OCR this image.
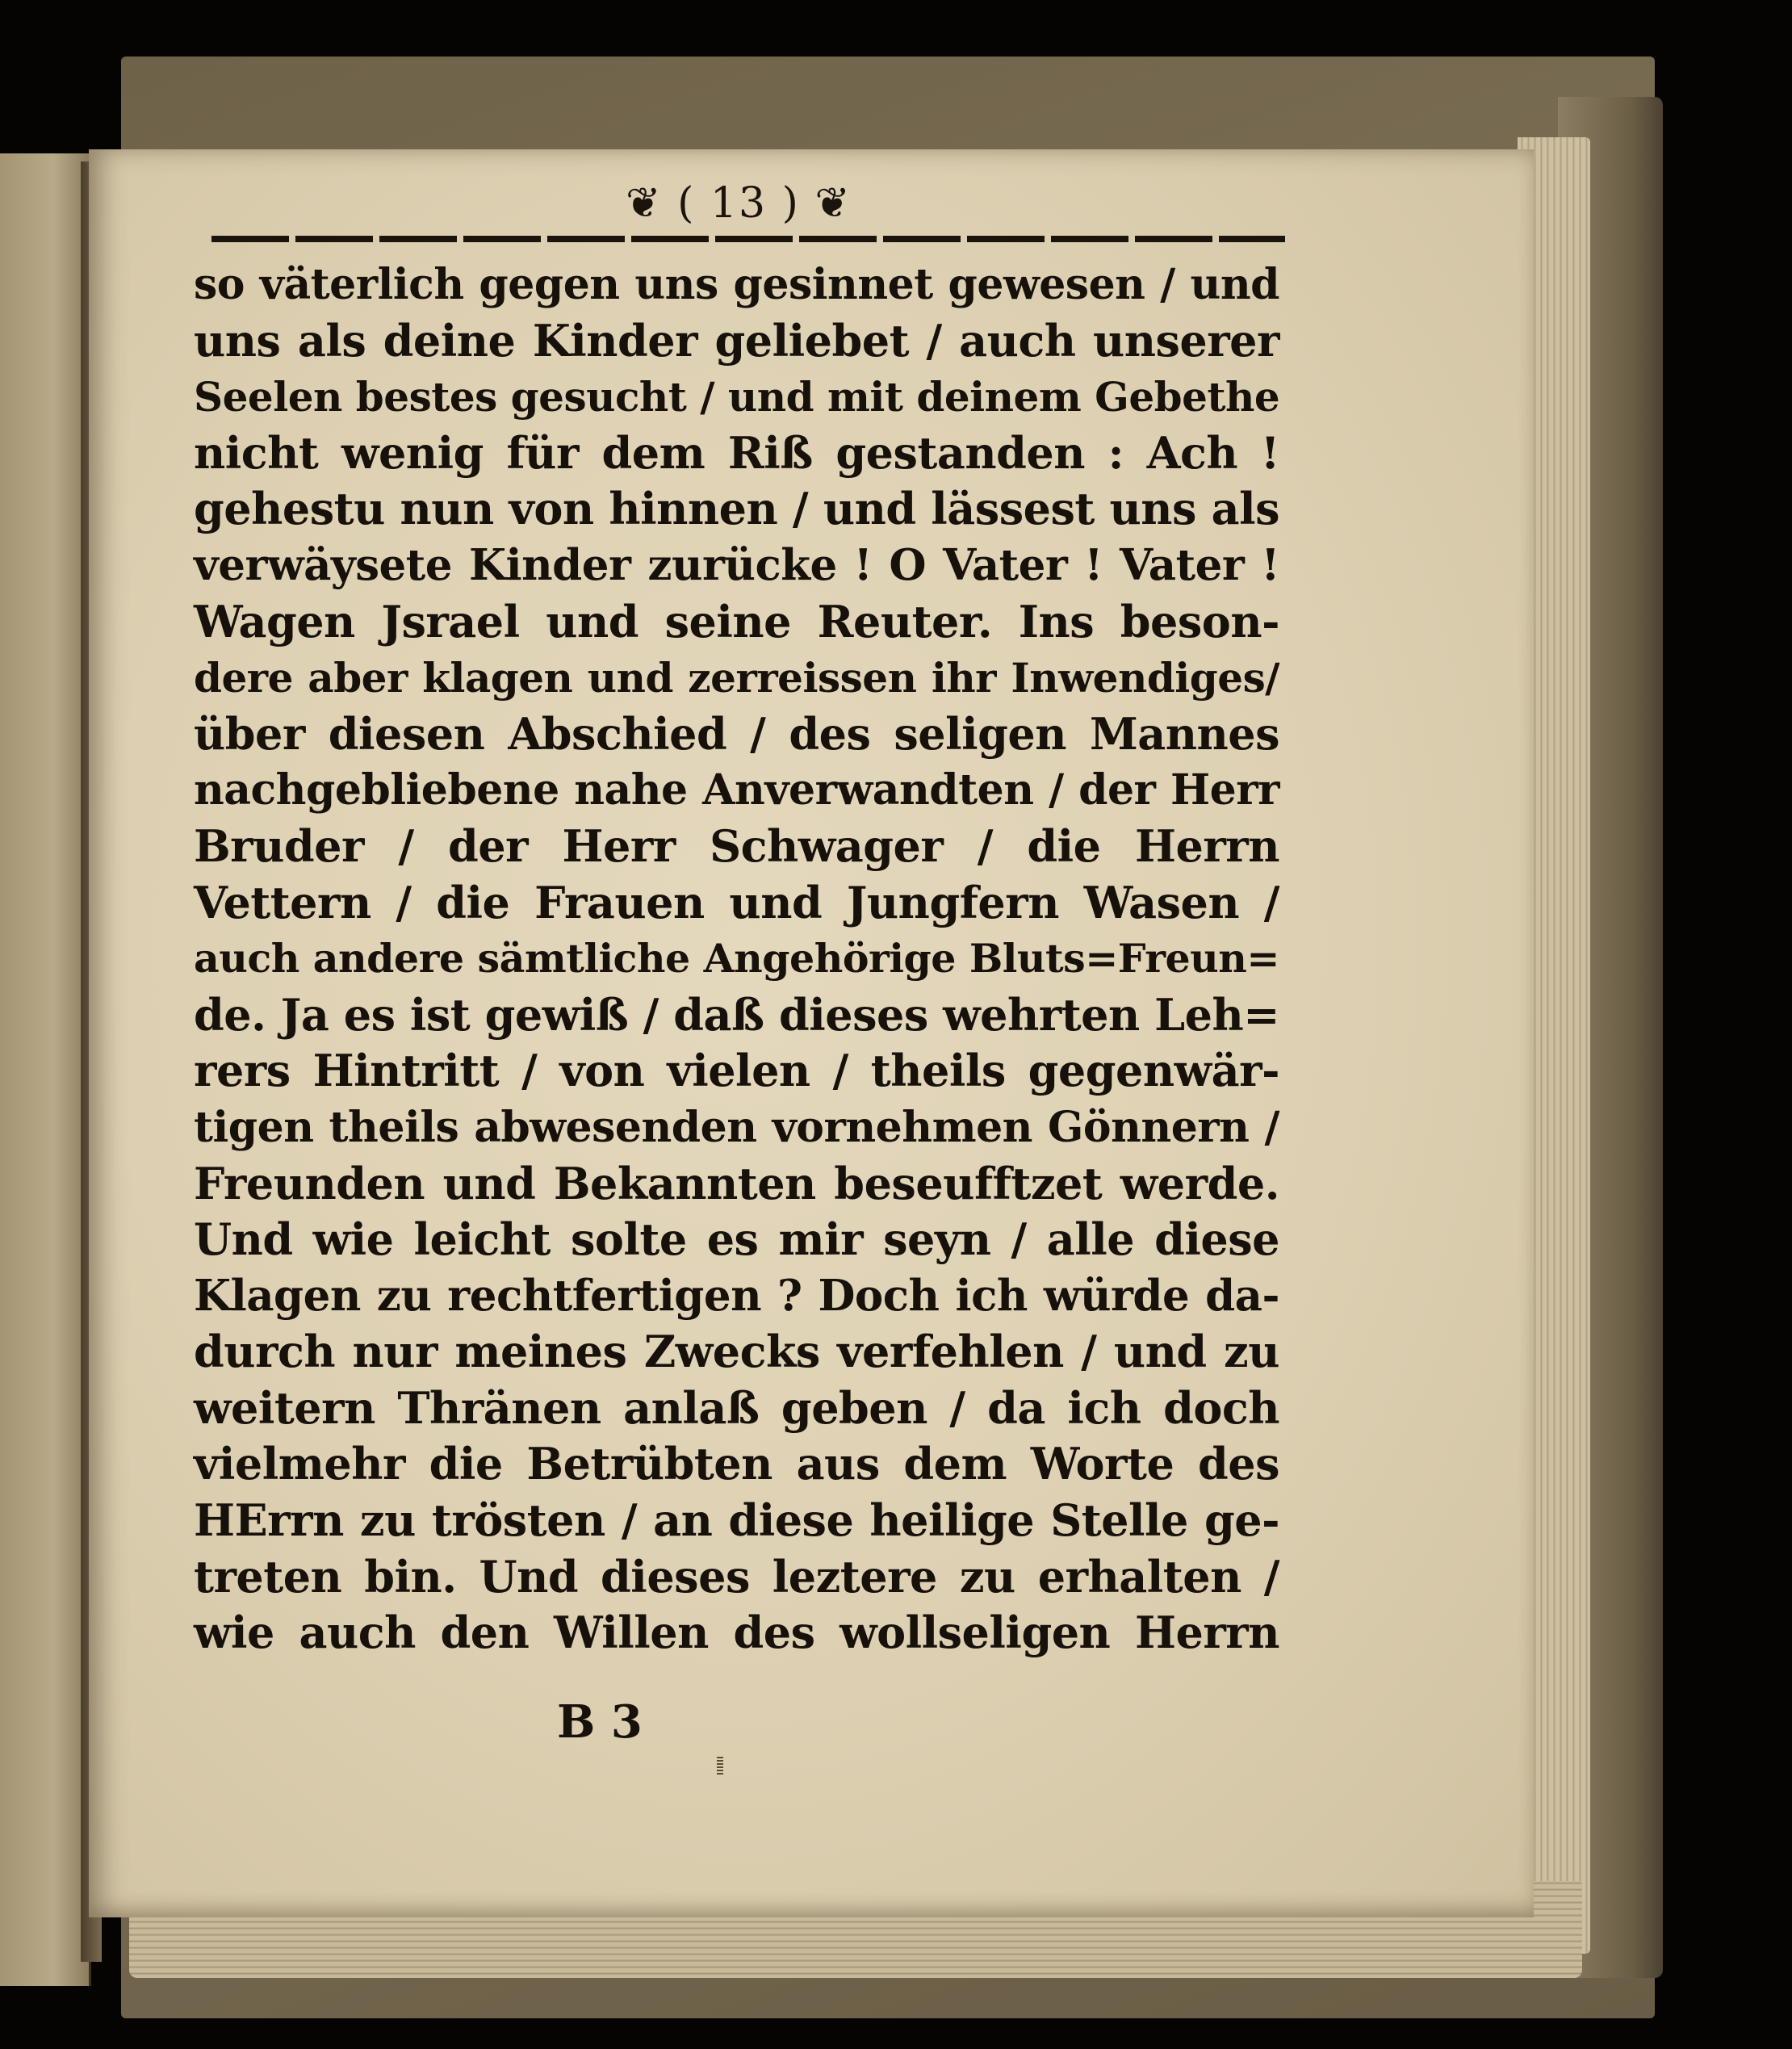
❦ ( 13 ) ❦
so väterlich gegen uns gesinnet gewesen / und
uns als deine Kinder geliebet / auch unserer
Seelen bestes gesucht / und mit deinem Gebethe
nicht wenig für dem Riß gestanden : Ach !
gehestu nun von hinnen / und lässest uns als
verwäysete Kinder zurücke ! O Vater ! Vater !
Wagen Jsrael und seine Reuter. Ins beson-
dere aber klagen und zerreissen ihr Inwendiges/
über diesen Abschied / des seligen Mannes
nachgebliebene nahe Anverwandten / der Herr
Bruder / der Herr Schwager / die Herrn
Vettern / die Frauen und Jungfern Wasen /
auch andere sämtliche Angehörige Bluts=Freun=
de. Ja es ist gewiß / daß dieses wehrten Leh=
rers Hintritt / von vielen / theils gegenwär-
tigen theils abwesenden vornehmen Gönnern /
Freunden und Bekannten beseufftzet werde.
Und wie leicht solte es mir seyn / alle diese
Klagen zu rechtfertigen ? Doch ich würde da-
durch nur meines Zwecks verfehlen / und zu
weitern Thränen anlaß geben / da ich doch
vielmehr die Betrübten aus dem Worte des
HErrn zu trösten / an diese heilige Stelle ge-
treten bin. Und dieses leztere zu erhalten /
wie auch den Willen des wollseligen Herrn
B 3
